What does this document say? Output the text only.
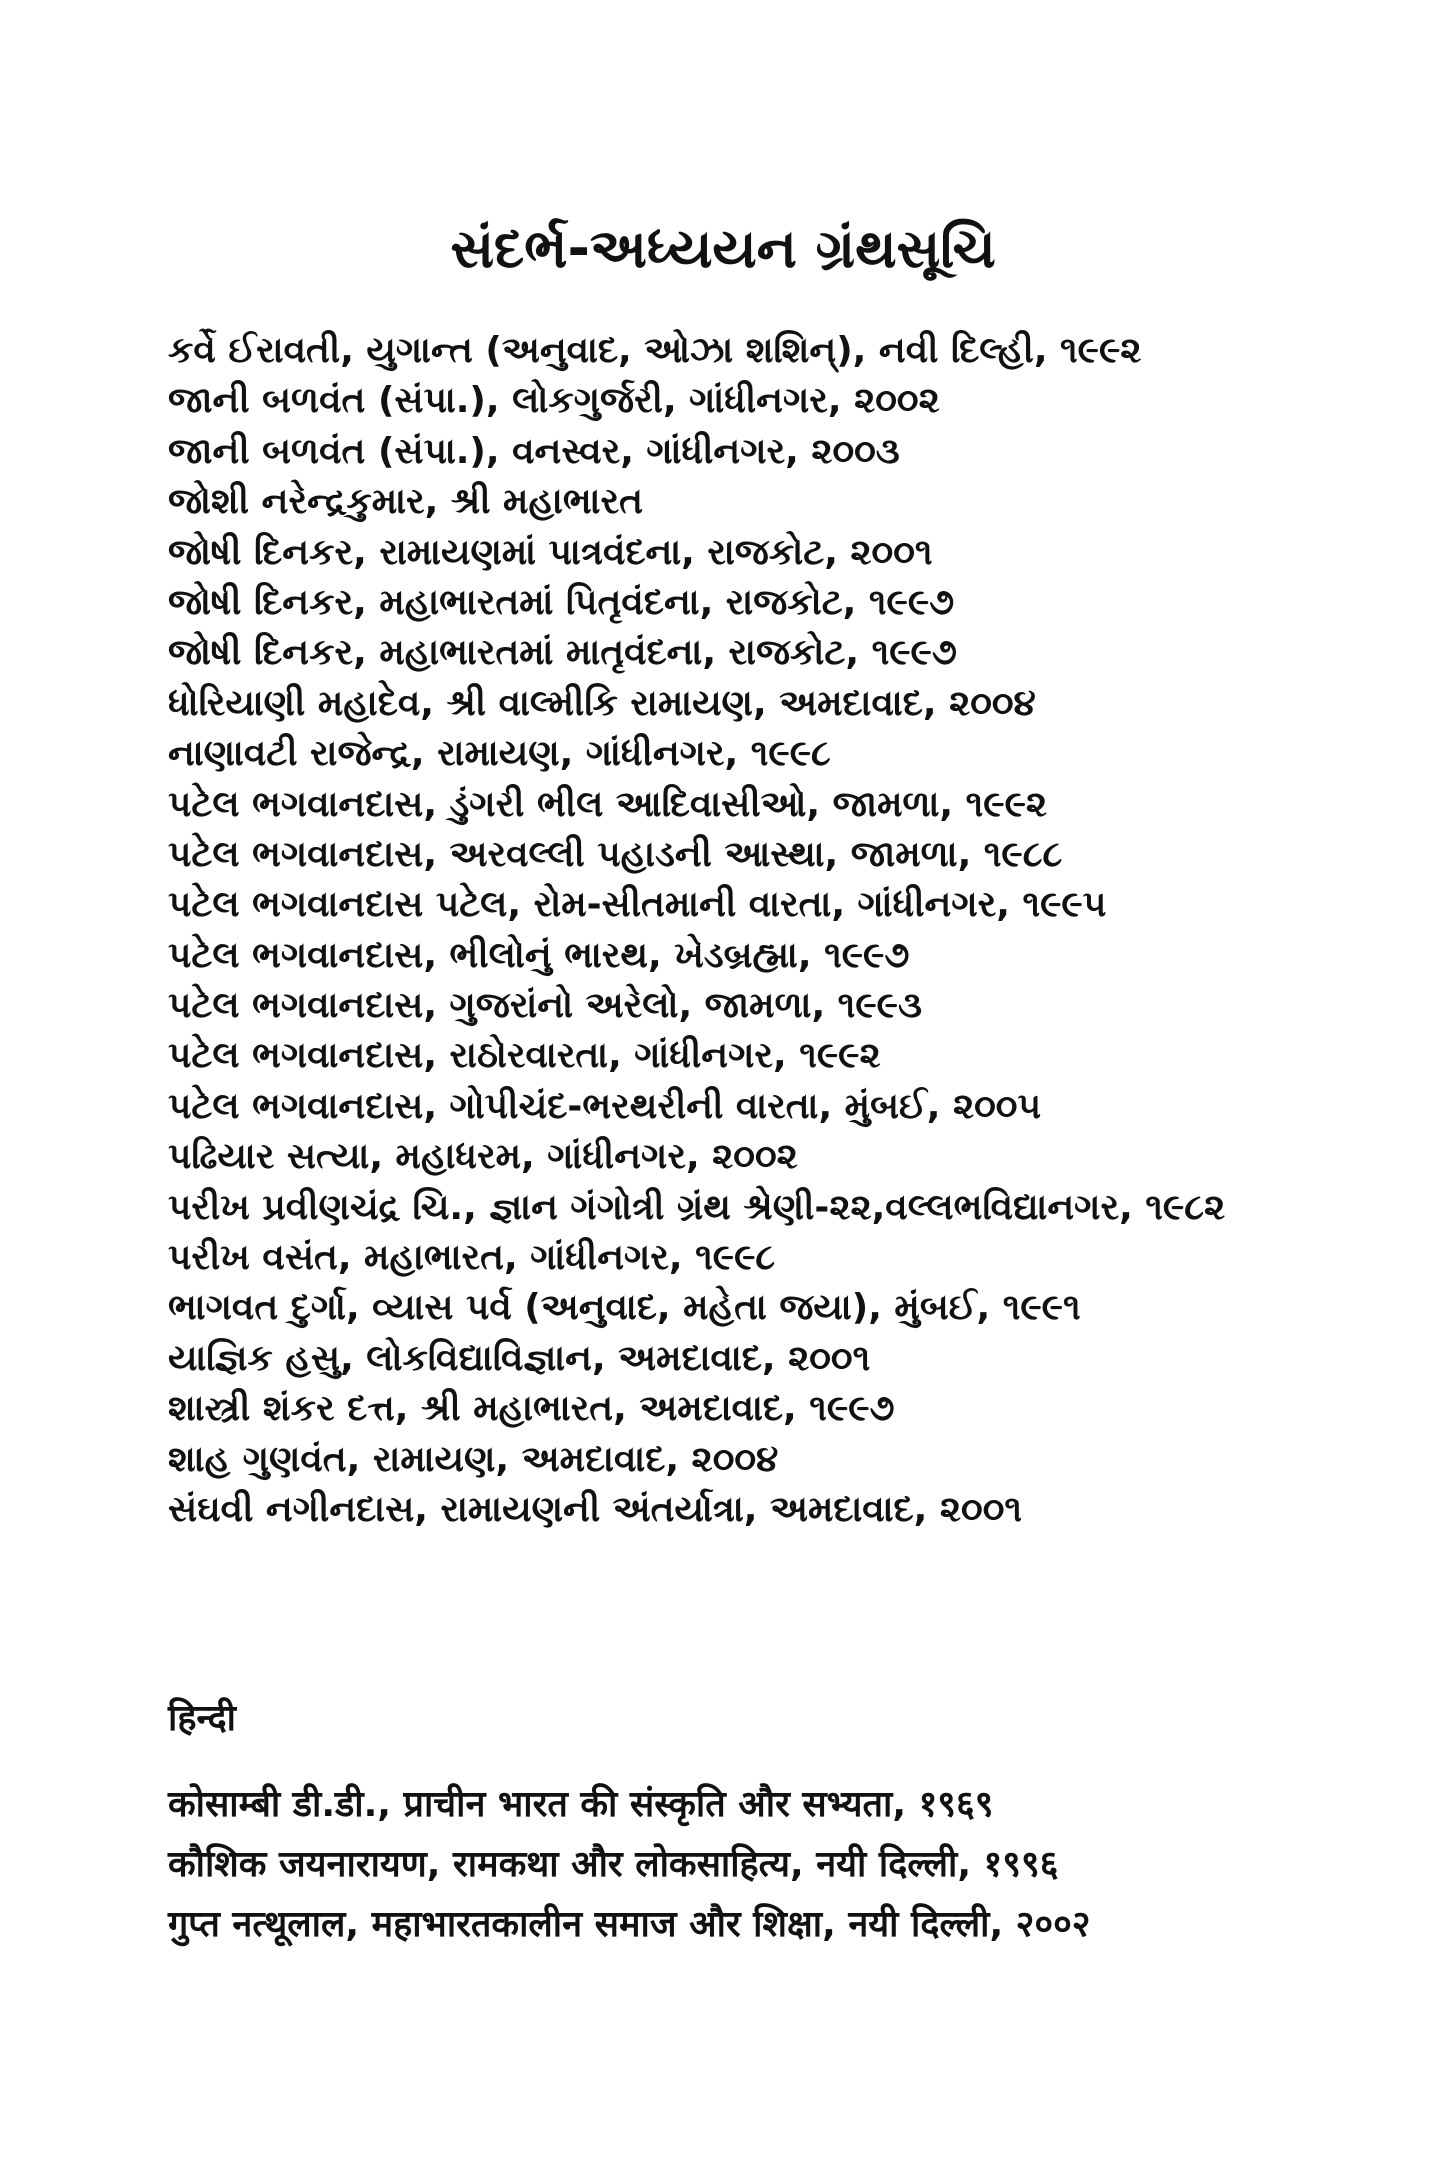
સંદર્ભ-અધ્યયન ગ્રંથસૂચિ
કર્વે ઈરાવતી, યુગાન્ત (અનુવાદ, ઓઝા શશિન્), નવી દિલ્હી, ૧૯૯૨
જાની બળવંત (સંપા.), લોકગુર્જરી, ગાંધીનગર, ૨૦૦૨
જાની બળવંત (સંપા.), વનસ્વર, ગાંધીનગર, ૨૦૦૩
જોશી નરેન્દ્રકુમાર, શ્રી મહાભારત
જોષી દિનકર, રામાયણમાં પાત્રવંદના, રાજકોટ, ૨૦૦૧
જોષી દિનકર, મહાભારતમાં પિતૃવંદના, રાજકોટ, ૧૯૯૭
જોષી દિનકર, મહાભારતમાં માતૃવંદના, રાજકોટ, ૧૯૯૭
ધોરિયાણી મહાદેવ, શ્રી વાલ્મીકિ રામાયણ, અમદાવાદ, ૨૦૦૪
નાણાવટી રાજેન્દ્ર, રામાયણ, ગાંધીનગર, ૧૯૯૮
પટેલ ભગવાનદાસ, ડુંગરી ભીલ આદિવાસીઓ, જામળા, ૧૯૯૨
પટેલ ભગવાનદાસ, અરવલ્લી પહાડની આસ્થા, જામળા, ૧૯૮૮
પટેલ ભગવાનદાસ પટેલ, રોમ-સીતમાની વારતા, ગાંધીનગર, ૧૯૯૫
પટેલ ભગવાનદાસ, ભીલોનું ભારથ, ખેડબ્રહ્મા, ૧૯૯૭
પટેલ ભગવાનદાસ, ગુજરાંનો અરેલો, જામળા, ૧૯૯૩
પટેલ ભગવાનદાસ, રાઠોરવારતા, ગાંધીનગર, ૧૯૯૨
પટેલ ભગવાનદાસ, ગોપીચંદ-ભરથરીની વારતા, મુંબઈ, ૨૦૦૫
પઢિયાર સત્યા, મહાધરમ, ગાંધીનગર, ૨૦૦૨
પરીખ પ્રવીણચંદ્ર ચિ., જ્ઞાન ગંગોત્રી ગ્રંથ શ્રેણી-૨૨,વલ્લભવિદ્યાનગર, ૧૯૮૨
પરીખ વસંત, મહાભારત, ગાંધીનગર, ૧૯૯૮
ભાગવત દુર્ગા, વ્યાસ પર્વ (અનુવાદ, મહેતા જયા), મુંબઈ, ૧૯૯૧
યાજ્ઞિક હસુ, લોકવિદ્યાવિજ્ઞાન, અમદાવાદ, ૨૦૦૧
શાસ્ત્રી શંકર દત્ત, શ્રી મહાભારત, અમદાવાદ, ૧૯૯૭
શાહ ગુણવંત, રામાયણ, અમદાવાદ, ૨૦૦૪
સંઘવી નગીનદાસ, રામાયણની અંતર્યાત્રા, અમદાવાદ, ૨૦૦૧
हिन्दी
कोसाम्बी डी.डी., प्राचीन भारत की संस्कृति और सभ्यता, १९६९
कौशिक जयनारायण, रामकथा और लोकसाहित्य, नयी दिल्ली, १९९६
गुप्त नत्थूलाल, महाभारतकालीन समाज और शिक्षा, नयी दिल्ली, २००२
